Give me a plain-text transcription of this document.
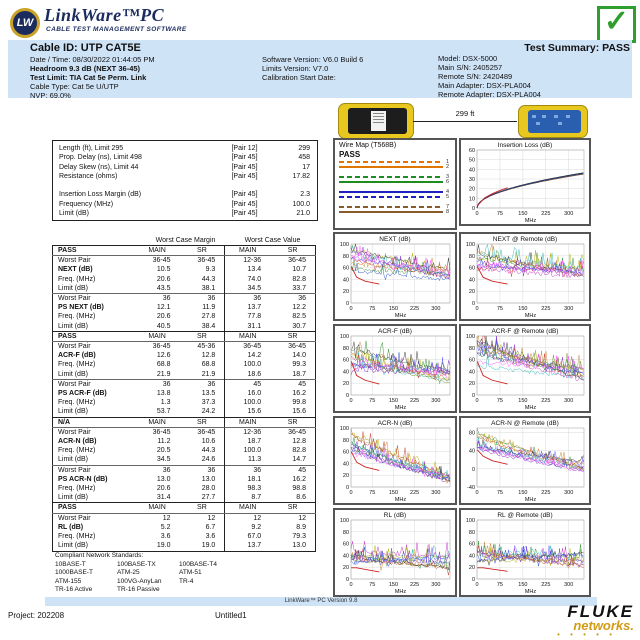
LW LinkWare™PC
CABLE TEST MANAGEMENT SOFTWARE	✓
Cable ID: UTP CAT5E
Date / Time: 08/30/2022 01:44:05 PM
Headroom 9.3 dB (NEXT 36-45)
Test Limit: TIA Cat 5e Perm. Link
Cable Type: Cat 5e U/UTP
NVP: 69.0%
Software Version: V6.0 Build 6
Limits Version: V7.0
Calibration Start Date:
Test Summary: PASS
Model: DSX-5000
Main S/N: 2405257
Remote S/N: 2420489
Main Adapter: DSX-PLA004
Remote Adapter: DSX-PLA004
299 ft
Length (ft), Limit 295	[Pair 12]	299
Prop. Delay (ns), Limit 498	[Pair 45]	458
Delay Skew (ns), Limit 44	[Pair 45]	17
Resistance (ohms)	[Pair 45]	17.82
Insertion Loss Margin (dB)	[Pair 45]	2.3
Frequency (MHz)	[Pair 45]	100.0
Limit (dB)	[Pair 45]	21.0
Worst Case Margin	Worst Case Value
PASS	MAIN	SR	MAIN	SR
Worst Pair	36-45	36-45	12-36	36-45
NEXT (dB)	10.5	9.3	13.4	10.7
Freq. (MHz)	20.6	44.3	74.0	82.8
Limit (dB)	43.5	38.1	34.5	33.7
Worst Pair	36	36	36	36
PS NEXT (dB)	12.1	11.9	13.7	12.2
Freq. (MHz)	20.6	27.8	77.8	82.5
Limit (dB)	40.5	38.4	31.1	30.7
PASS	MAIN	SR	MAIN	SR
Worst Pair	36-45	45-36	36-45	36-45
ACR-F (dB)	12.6	12.8	14.2	14.0
Freq. (MHz)	68.8	68.8	100.0	99.3
Limit (dB)	21.9	21.9	18.6	18.7
Worst Pair	36	36	45	45
PS ACR-F (dB)	13.8	13.5	16.0	16.2
Freq. (MHz)	1.3	37.3	100.0	99.8
Limit (dB)	53.7	24.2	15.6	15.6
N/A	MAIN	SR	MAIN	SR
Worst Pair	36-45	36-45	12-36	36-45
ACR-N (dB)	11.2	10.6	18.7	12.8
Freq. (MHz)	20.5	44.3	100.0	82.8
Limit (dB)	34.5	24.6	11.3	14.7
Worst Pair	36	36	36	45
PS ACR-N (dB)	13.0	13.0	18.1	16.2
Freq. (MHz)	20.6	28.0	98.3	98.8
Limit (dB)	31.4	27.7	8.7	8.6
PASS	MAIN	SR	MAIN	SR
Worst Pair	12	12	12	12
RL (dB)	5.2	6.7	9.2	8.9
Freq. (MHz)	3.6	3.6	67.0	79.3
Limit (dB)	19.0	19.0	13.7	13.0
Compliant Network Standards:
10BASE-T
1000BASE-T
ATM-155
TR-16 Active
100BASE-TX
ATM-25
100VG-AnyLan
TR-16 Passive
100BASE-T4
ATM-51
TR-4
Wire Map (T568B)
PASS
1
2
3
6
4
5
7
8
LinkWare™ PC Version 9.8
Project: 202208	Untitled1	FLUKE
networks.
• • • • •
